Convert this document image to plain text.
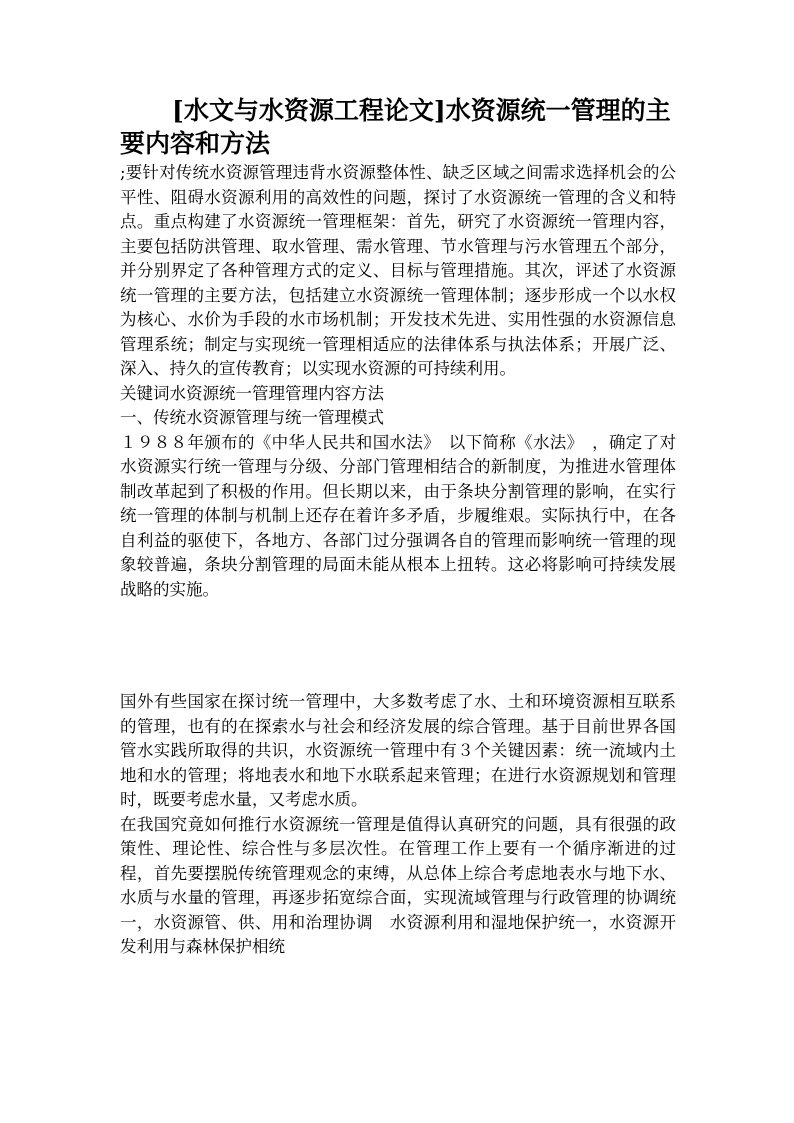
[水文与水资源工程论文]水资源统一管理的主要内容和方法

;要针对传统水资源管理违背水资源整体性、缺乏区域之间需求选择机会的公平性、阻碍水资源利用的高效性的问题，探讨了水资源统一管理的含义和特点。重点构建了水资源统一管理框架：首先，研究了水资源统一管理内容，主要包括防洪管理、取水管理、需水管理、节水管理与污水管理五个部分，并分别界定了各种管理方式的定义、目标与管理措施。其次，评述了水资源统一管理的主要方法，包括建立水资源统一管理体制；逐步形成一个以水权为核心、水价为手段的水市场机制；开发技术先进、实用性强的水资源信息管理系统；制定与实现统一管理相适应的法律体系与执法体系；开展广泛、深入、持久的宣传教育；以实现水资源的可持续利用。

关键词水资源统一管理管理内容方法

一、传统水资源管理与统一管理模式

１９８８年颁布的《中华人民共和国水法》　以下简称《水法》　，确定了对水资源实行统一管理与分级、分部门管理相结合的新制度，为推进水管理体制改革起到了积极的作用。但长期以来，由于条块分割管理的影响，在实行统一管理的体制与机制上还存在着许多矛盾，步履维艰。实际执行中，在各自利益的驱使下，各地方、各部门过分强调各自的管理而影响统一管理的现象较普遍，条块分割管理的局面未能从根本上扭转。这必将影响可持续发展战略的实施。

国外有些国家在探讨统一管理中，大多数考虑了水、土和环境资源相互联系的管理，也有的在探索水与社会和经济发展的综合管理。基于目前世界各国管水实践所取得的共识，水资源统一管理中有３个关键因素：统一流域内土地和水的管理；将地表水和地下水联系起来管理；在进行水资源规划和管理时，既要考虑水量，又考虑水质。

在我国究竟如何推行水资源统一管理是值得认真研究的问题，具有很强的政策性、理论性、综合性与多层次性。在管理工作上要有一个循序渐进的过程，首先要摆脱传统管理观念的束缚，从总体上综合考虑地表水与地下水、水质与水量的管理，再逐步拓宽综合面，实现流域管理与行政管理的协调统一，水资源管、供、用和治理协调　水资源利用和湿地保护统一，水资源开发利用与森林保护相统
